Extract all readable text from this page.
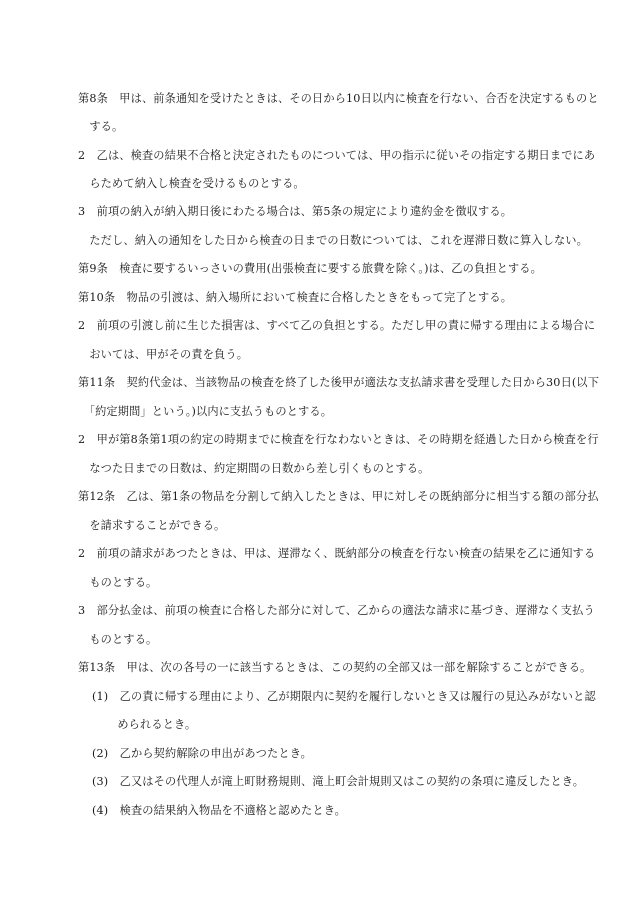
第8条　甲は、前条通知を受けたときは、その日から10日以内に検査を行ない、合否を決定するものと
　する。
2　乙は、検査の結果不合格と決定されたものについては、甲の指示に従いその指定する期日までにあ
　らためて納入し検査を受けるものとする。
3　前項の納入が納入期日後にわたる場合は、第5条の規定により違約金を徴収する。
　ただし、納入の通知をした日から検査の日までの日数については、これを遅滞日数に算入しない。
第9条　検査に要するいっさいの費用(出張検査に要する旅費を除く。)は、乙の負担とする。
第10条　物品の引渡は、納入場所において検査に合格したときをもって完了とする。
2　前項の引渡し前に生じた損害は、すべて乙の負担とする。ただし甲の責に帰する理由による場合に
　おいては、甲がその責を負う。
第11条　契約代金は、当該物品の検査を終了した後甲が適法な支払請求書を受理した日から30日(以下
　「約定期間」という。)以内に支払うものとする。
2　甲が第8条第1項の約定の時期までに検査を行なわないときは、その時期を経過した日から検査を行
　なつた日までの日数は、約定期間の日数から差し引くものとする。
第12条　乙は、第1条の物品を分割して納入したときは、甲に対しその既納部分に相当する額の部分払
　を請求することができる。
2　前項の請求があつたときは、甲は、遅滞なく、既納部分の検査を行ない検査の結果を乙に通知する
　ものとする。
3　部分払金は、前項の検査に合格した部分に対して、乙からの適法な請求に基づき、遅滞なく支払う
　ものとする。
第13条　甲は、次の各号の一に該当するときは、この契約の全部又は一部を解除することができる。
(1)　乙の責に帰する理由により、乙が期限内に契約を履行しないとき又は履行の見込みがないと認
　められるとき。
(2)　乙から契約解除の申出があつたとき。
(3)　乙又はその代理人が滝上町財務規則、滝上町会計規則又はこの契約の条項に違反したとき。
(4)　検査の結果納入物品を不適格と認めたとき。
